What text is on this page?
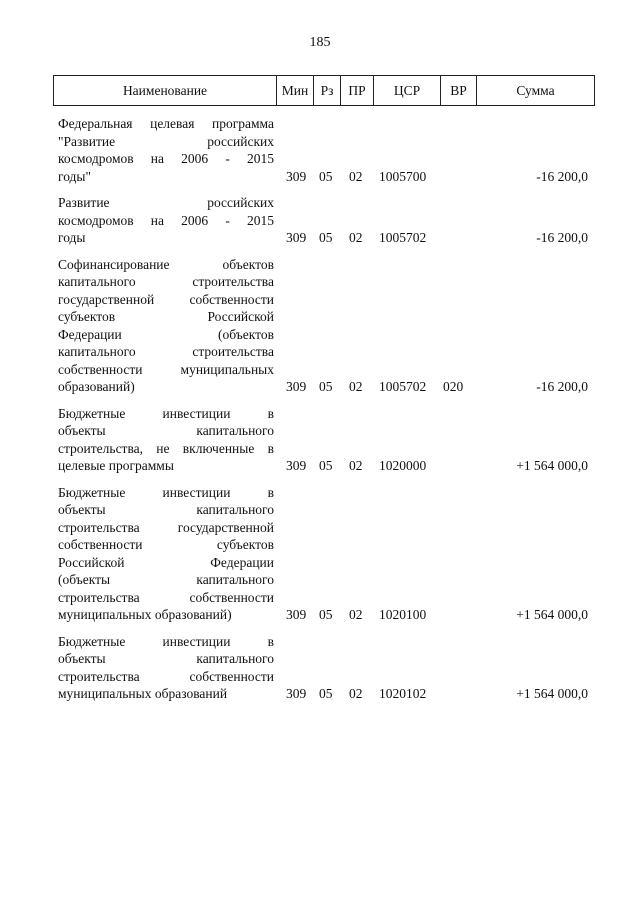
185
Наименование	Мин	Рз	ПР	ЦСР	ВР	Сумма
Федеральная целевая программа
"Развитие российских
космодромов на 2006 - 2015
годы"	309 05 02 1005700	-16 200,0
Развитие российских
космодромов на 2006 - 2015
годы	309 05 02 1005702	-16 200,0
Софинансирование объектов
капитального строительства
государственной собственности
субъектов Российской
Федерации (объектов
капитального строительства
собственности муниципальных
образований)	309 05 02 1005702 020	-16 200,0
Бюджетные инвестиции в
объекты капитального
строительства, не включенные в
целевые программы	309 05 02 1020000	+1 564 000,0
Бюджетные инвестиции в
объекты капитального
строительства государственной
собственности субъектов
Российской Федерации
(объекты капитального
строительства собственности
муниципальных образований)	309 05 02 1020100	+1 564 000,0
Бюджетные инвестиции в
объекты капитального
строительства собственности
муниципальных образований	309 05 02 1020102	+1 564 000,0
